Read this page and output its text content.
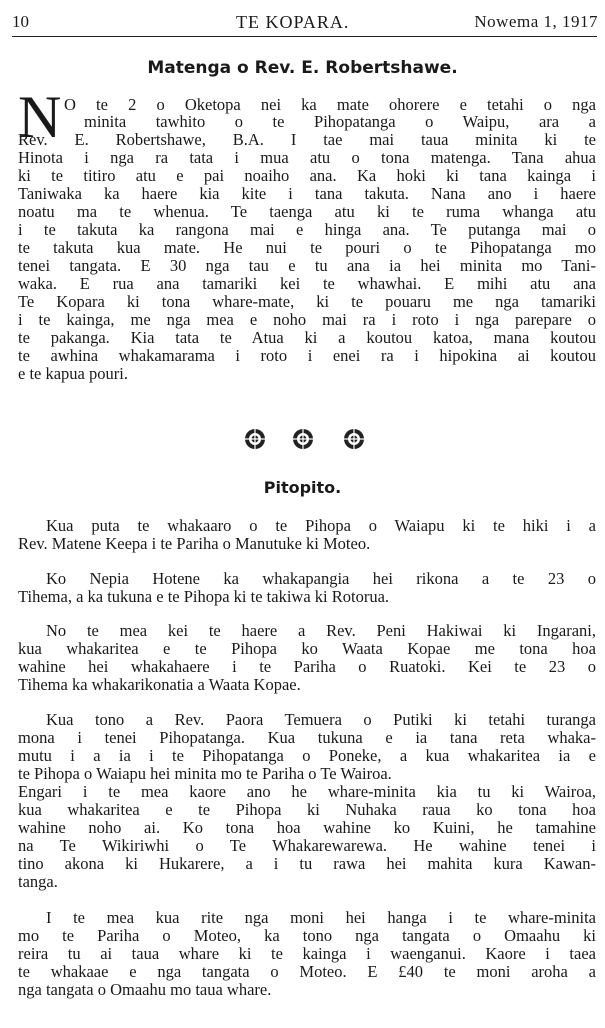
10	TE KOPARA.	Nowema 1, 1917
Matenga o Rev. E. Robertshawe.
N O te 2 o Oketopa nei ka mate ohorere e tetahi o nga
minita tawhito o te Pihopatanga o Waipu, ara a
Rev. E. Robertshawe, B.A. I tae mai taua minita ki te
Hinota i nga ra tata i mua atu o tona matenga. Tana ahua
ki te titiro atu e pai noaiho ana. Ka hoki ki tana kainga i
Taniwaka ka haere kia kite i tana takuta. Nana ano i haere
noatu ma te whenua. Te taenga atu ki te ruma whanga atu
i te takuta ka rangona mai e hinga ana. Te putanga mai o
te takuta kua mate. He nui te pouri o te Pihopatanga mo
tenei tangata. E 30 nga tau e tu ana ia hei minita mo Tani-
waka. E rua ana tamariki kei te whawhai. E mihi atu ana
Te Kopara ki tona whare-mate, ki te pouaru me nga tamariki
i te kainga, me nga mea e noho mai ra i roto i nga parepare o
te pakanga. Kia tata te Atua ki a koutou katoa, mana koutou
te awhina whakamarama i roto i enei ra i hipokina ai koutou
e te kapua pouri.
Pitopito.
Kua puta te whakaaro o te Pihopa o Waiapu ki te hiki i a
Rev. Matene Keepa i te Pariha o Manutuke ki Moteo.
Ko Nepia Hotene ka whakapangia hei rikona a te 23 o
Tihema, a ka tukuna e te Pihopa ki te takiwa ki Rotorua.
No te mea kei te haere a Rev. Peni Hakiwai ki Ingarani,
kua whakaritea e te Pihopa ko Waata Kopae me tona hoa
wahine hei whakahaere i te Pariha o Ruatoki. Kei te 23 o
Tihema ka whakarikonatia a Waata Kopae.
Kua tono a Rev. Paora Temuera o Putiki ki tetahi turanga
mona i tenei Pihopatanga. Kua tukuna e ia tana reta whaka-
mutu i a ia i te Pihopatanga o Poneke, a kua whakaritea ia e
te Pihopa o Waiapu hei minita mo te Pariha o Te Wairoa.
Engari i te mea kaore ano he whare-minita kia tu ki Wairoa,
kua whakaritea e te Pihopa ki Nuhaka raua ko tona hoa
wahine noho ai. Ko tona hoa wahine ko Kuini, he tamahine
na Te Wikiriwhi o Te Whakarewarewa. He wahine tenei i
tino akona ki Hukarere, a i tu rawa hei mahita kura Kawan-
tanga.
I te mea kua rite nga moni hei hanga i te whare-minita
mo te Pariha o Moteo, ka tono nga tangata o Omaahu ki
reira tu ai taua whare ki te kainga i waenganui. Kaore i taea
te whakaae e nga tangata o Moteo. E £40 te moni aroha a
nga tangata o Omaahu mo taua whare.
